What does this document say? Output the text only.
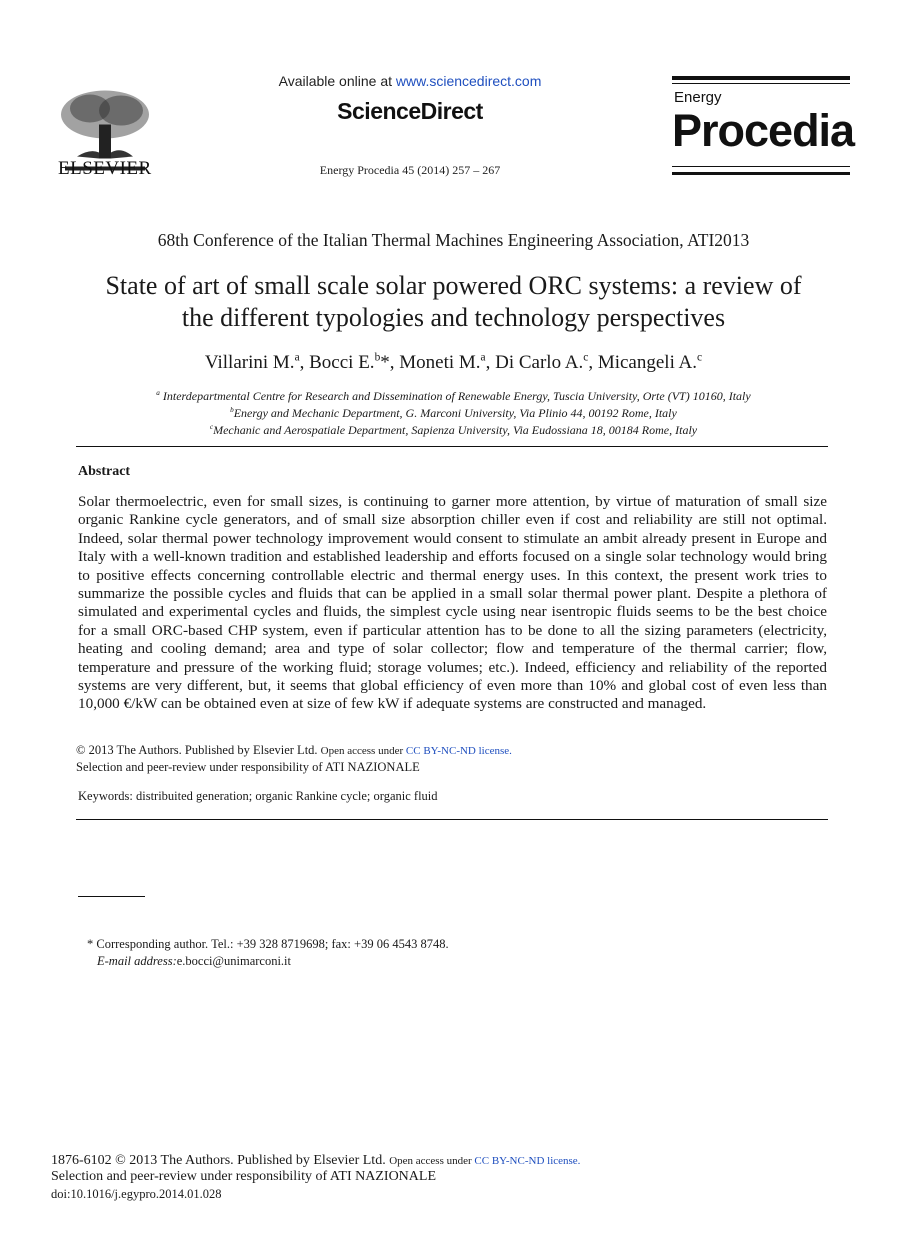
ELSEVIER
Available online at www.sciencedirect.com
ScienceDirect
Energy Procedia 45 (2014) 257 – 267
Energy
Procedia
68th Conference of the Italian Thermal Machines Engineering Association, ATI2013
State of art of small scale solar powered ORC systems: a review of
the different typologies and technology perspectives
Villarini M.$^a$, Bocci E.$^b$*, Moneti M.$^a$, Di Carlo A.$^c$, Micangeli A.$^c$
$^a$ Interdepartmental Centre for Research and Dissemination of Renewable Energy, Tuscia University, Orte (VT) 10160, Italy
$^b$Energy and Mechanic Department, G. Marconi University, Via Plinio 44, 00192 Rome, Italy
$^c$Mechanic and Aerospatiale Department, Sapienza University, Via Eudossiana 18, 00184 Rome, Italy
Abstract
Solar thermoelectric, even for small sizes, is continuing to garner more attention, by virtue of maturation of small size organic Rankine cycle generators, and of small size absorption chiller even if cost and reliability are still not optimal. Indeed, solar thermal power technology improvement would consent to stimulate an ambit already present in Europe and Italy with a well-known tradition and established leadership and efforts focused on a single solar technology would bring to positive effects concerning controllable electric and thermal energy uses. In this context, the present work tries to summarize the possible cycles and fluids that can be applied in a small solar thermal power plant. Despite a plethora of simulated and experimental cycles and fluids, the simplest cycle using near isentropic fluids seems to be the best choice for a small ORC-based CHP system, even if particular attention has to be done to all the sizing parameters (electricity, heating and cooling demand; area and type of solar collector; flow and temperature of the thermal carrier; flow, temperature and pressure of the working fluid; storage volumes; etc.). Indeed, efficiency and reliability of the reported systems are very different, but, it seems that global efficiency of even more than 10% and global cost of even less than 10,000 €/kW can be obtained even at size of few kW if adequate systems are constructed and managed.
© 2013 The Authors. Published by Elsevier Ltd. Open access under CC BY-NC-ND license.
Selection and peer-review under responsibility of ATI NAZIONALE
Keywords: distribuited generation; organic Rankine cycle; organic fluid
* Corresponding author. Tel.: +39 328 8719698; fax: +39 06 4543 8748.
E-mail address:e.bocci@unimarconi.it
1876-6102 © 2013 The Authors. Published by Elsevier Ltd. Open access under CC BY-NC-ND license.
Selection and peer-review under responsibility of ATI NAZIONALE
doi:10.1016/j.egypro.2014.01.028
